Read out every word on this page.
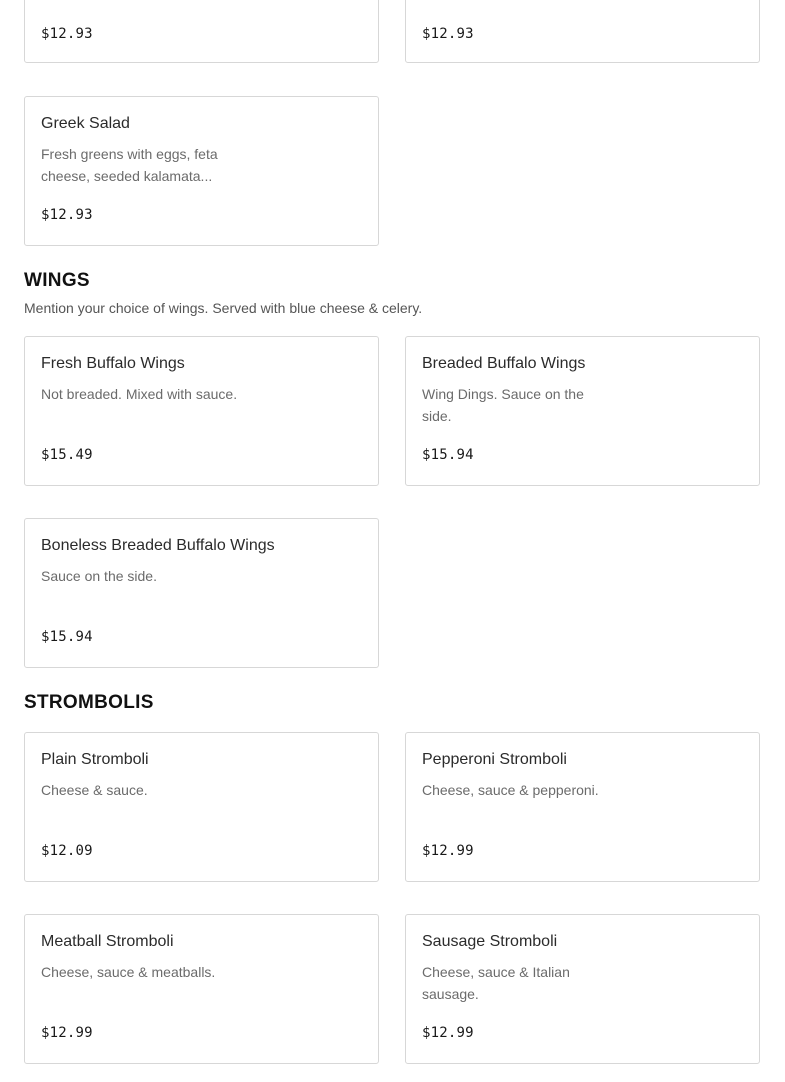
$12.93	$12.93
Greek Salad
Fresh greens with eggs, feta cheese, seeded kalamata...
$12.93
WINGS
Mention your choice of wings. Served with blue cheese & celery.
Fresh Buffalo Wings
Not breaded. Mixed with sauce.
$15.49
Breaded Buffalo Wings
Wing Dings. Sauce on the side.
$15.94
Boneless Breaded Buffalo Wings
Sauce on the side.
$15.94
STROMBOLIS
Plain Stromboli
Cheese & sauce.
$12.09
Pepperoni Stromboli
Cheese, sauce & pepperoni.
$12.99
Meatball Stromboli
Cheese, sauce & meatballs.
$12.99
Sausage Stromboli
Cheese, sauce & Italian sausage.
$12.99
